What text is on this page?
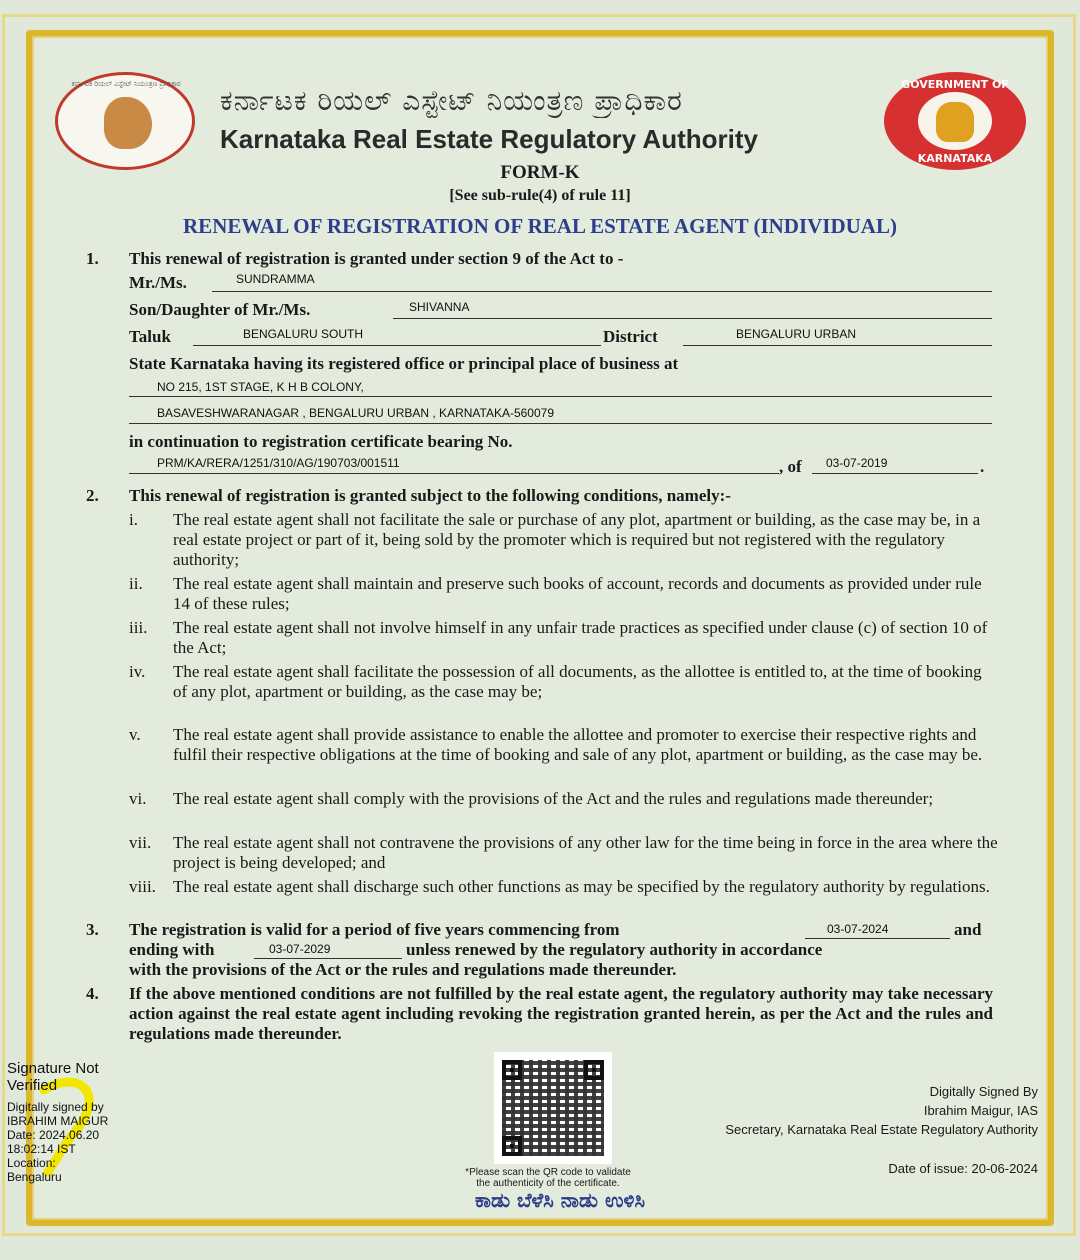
ಕರ್ನಾಟಕ ರಿಯಲ್ ಎಸ್ಟೇಟ್ ನಿಯಂತ್ರಣ ಪ್ರಾಧಿಕಾರ	GOVERNMENT OF
KARNATAKA
ಕರ್ನಾಟಕ ರಿಯಲ್ ಎಸ್ಟೇಟ್ ನಿಯಂತ್ರಣ ಪ್ರಾಧಿಕಾರ
Karnataka Real Estate Regulatory Authority
FORM-K
[See sub-rule(4) of rule 11]
RENEWAL OF REGISTRATION OF REAL ESTATE AGENT (INDIVIDUAL)
1. This renewal of registration is granted under section 9 of the Act to -
Mr./Ms.	SUNDRAMMA
Son/Daughter of Mr./Ms.	SHIVANNA
Taluk	BENGALURU SOUTH	District	BENGALURU URBAN
State Karnataka having its registered office or principal place of business at
NO 215, 1ST STAGE, K H B COLONY,
BASAVESHWARANAGAR , BENGALURU URBAN , KARNATAKA-560079
in continuation to registration certificate bearing No.
PRM/KA/RERA/1251/310/AG/190703/001511	, of 03-07-2019	.
2. This renewal of registration is granted subject to the following conditions, namely:-
i.	The real estate agent shall not facilitate the sale or purchase of any plot, apartment or building, as the case may be, in a real estate project or part of it, being sold by the promoter which is required but not registered with the regulatory authority;
ii.	The real estate agent shall maintain and preserve such books of account, records and documents as provided under rule 14 of these rules;
iii.	The real estate agent shall not involve himself in any unfair trade practices as specified under clause (c) of section 10 of the Act;
iv.	The real estate agent shall facilitate the possession of all documents, as the allottee is entitled to, at the time of booking of any plot, apartment or building, as the case may be;
v.	The real estate agent shall provide assistance to enable the allottee and promoter to exercise their respective rights and fulfil their respective obligations at the time of booking and sale of any plot, apartment or building, as the case may be.
vi.	The real estate agent shall comply with the provisions of the Act and the rules and regulations made thereunder;
vii.	The real estate agent shall not contravene the provisions of any other law for the time being in force in the area where the project is being developed; and
viii.	The real estate agent shall discharge such other functions as may be specified by the regulatory authority by regulations.
3. The registration is valid for a period of five years commencing from	03-07-2024	and
ending with	03-07-2029	unless renewed by the regulatory authority in accordance
with the provisions of the Act or the rules and regulations made thereunder.
4. If the above mentioned conditions are not fulfilled by the real estate agent, the regulatory authority may take necessary action against the real estate agent including revoking the registration granted herein, as per the Act and the rules and regulations made thereunder.
Signature Not
Verified
Digitally signed by
IBRAHIM MAIGUR
Date: 2024.06.20
18:02:14 IST
Location:
Bengaluru	*Please scan the QR code to validate
the authenticity of the certificate.
Digitally Signed By
Ibrahim Maigur, IAS
Secretary, Karnataka Real Estate Regulatory Authority
Date of issue: 20-06-2024
ಕಾಡು ಬೆಳೆಸಿ ನಾಡು ಉಳಿಸಿ
